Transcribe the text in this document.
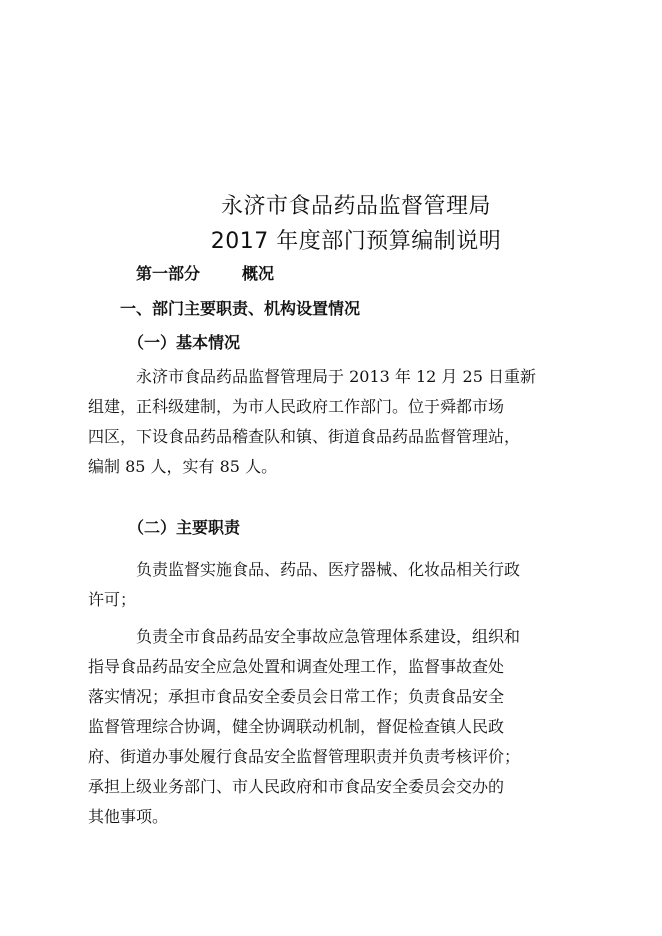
永济市食品药品监督管理局
2017 年度部门预算编制说明
第一部分	概况
一、部门主要职责、机构设置情况
（一）基本情况
永济市食品药品监督管理局于 2013 年 12 月 25 日重新
组建，正科级建制，为市人民政府工作部门。位于舜都市场
四区，下设食品药品稽查队和镇、街道食品药品监督管理站，
编制 85 人，实有 85 人。
（二）主要职责
负责监督实施食品、药品、医疗器械、化妆品相关行政
许可；
负责全市食品药品安全事故应急管理体系建设，组织和
指导食品药品安全应急处置和调查处理工作，监督事故查处
落实情况；承担市食品安全委员会日常工作；负责食品安全
监督管理综合协调，健全协调联动机制，督促检查镇人民政
府、街道办事处履行食品安全监督管理职责并负责考核评价；
承担上级业务部门、市人民政府和市食品安全委员会交办的
其他事项。
